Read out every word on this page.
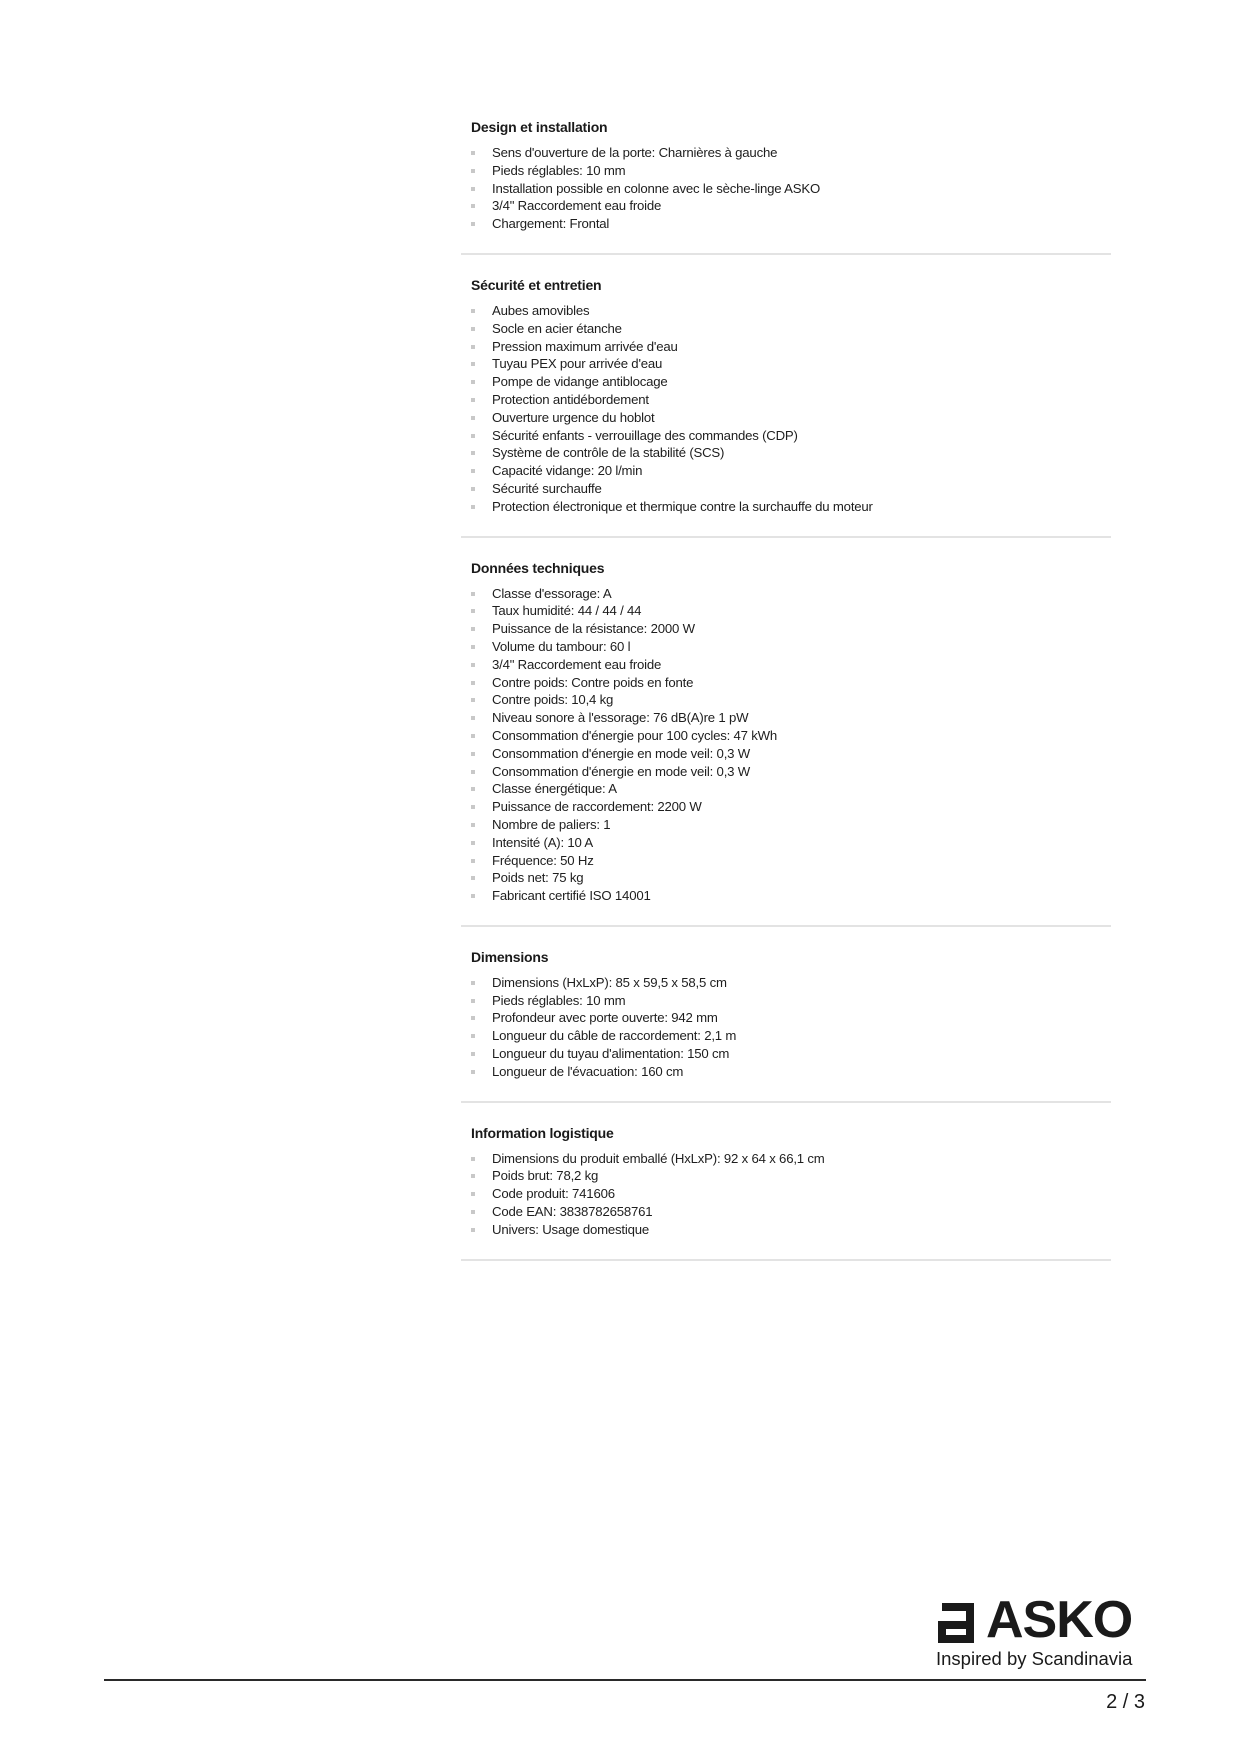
Design et installation
Sens d'ouverture de la porte: Charnières à gauche
Pieds réglables: 10 mm
Installation possible en colonne avec le sèche-linge ASKO
3/4" Raccordement eau froide
Chargement: Frontal
Sécurité et entretien
Aubes amovibles
Socle en acier étanche
Pression maximum arrivée d'eau
Tuyau PEX pour arrivée d'eau
Pompe de vidange antiblocage
Protection antidébordement
Ouverture urgence du hoblot
Sécurité enfants - verrouillage des commandes (CDP)
Système de contrôle de la stabilité (SCS)
Capacité vidange: 20 l/min
Sécurité surchauffe
Protection électronique et thermique contre la surchauffe du moteur
Données techniques
Classe d'essorage: A
Taux humidité: 44 / 44 / 44
Puissance de la résistance: 2000 W
Volume du tambour: 60 l
3/4" Raccordement eau froide
Contre poids: Contre poids en fonte
Contre poids: 10,4 kg
Niveau sonore à l'essorage: 76 dB(A)re 1 pW
Consommation d'énergie pour 100 cycles: 47 kWh
Consommation d'énergie en mode veil: 0,3 W
Consommation d'énergie en mode veil: 0,3 W
Classe énergétique: A
Puissance de raccordement: 2200 W
Nombre de paliers: 1
Intensité (A): 10 A
Fréquence: 50 Hz
Poids net: 75 kg
Fabricant certifié ISO 14001
Dimensions
Dimensions (HxLxP): 85 x 59,5 x 58,5 cm
Pieds réglables: 10 mm
Profondeur avec porte ouverte: 942 mm
Longueur du câble de raccordement: 2,1 m
Longueur du tuyau d'alimentation: 150 cm
Longueur de l'évacuation: 160 cm
Information logistique
Dimensions du produit emballé (HxLxP): 92 x 64 x 66,1 cm
Poids brut: 78,2 kg
Code produit: 741606
Code EAN: 3838782658761
Univers: Usage domestique
ASKO
Inspired by Scandinavia
2 / 3
